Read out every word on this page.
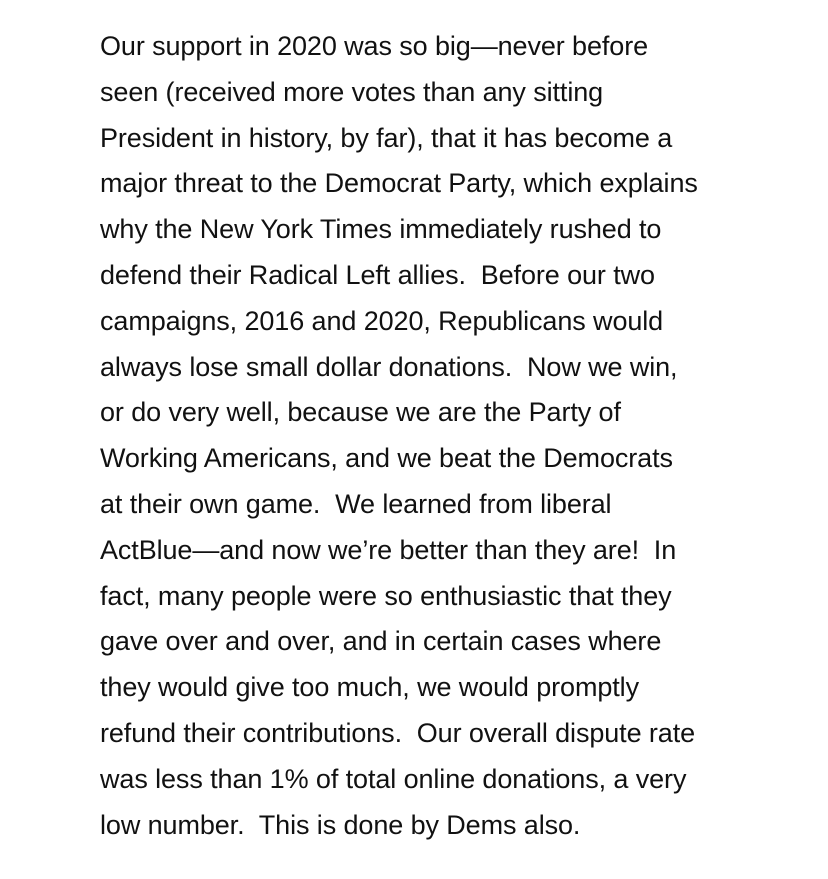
Our support in 2020 was so big—never before
seen (received more votes than any sitting
President in history, by far), that it has become a
major threat to the Democrat Party, which explains
why the New York Times immediately rushed to
defend their Radical Left allies.  Before our two
campaigns, 2016 and 2020, Republicans would
always lose small dollar donations.  Now we win,
or do very well, because we are the Party of
Working Americans, and we beat the Democrats
at their own game.  We learned from liberal
ActBlue—and now we’re better than they are!  In
fact, many people were so enthusiastic that they
gave over and over, and in certain cases where
they would give too much, we would promptly
refund their contributions.  Our overall dispute rate
was less than 1% of total online donations, a very
low number.  This is done by Dems also.
